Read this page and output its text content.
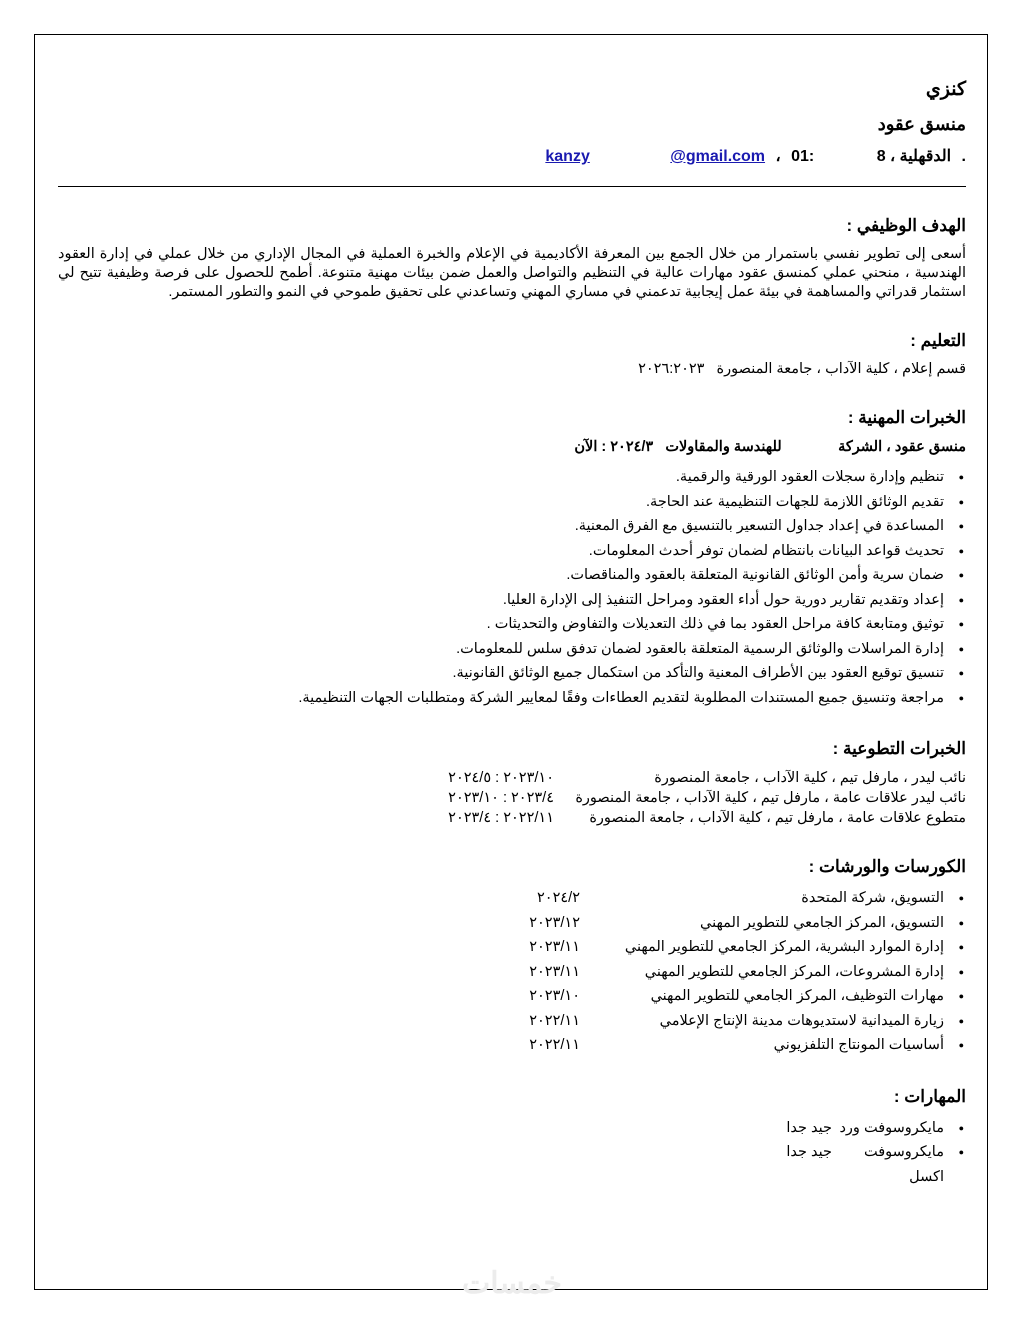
كنزي
منسق عقود
. الدقهلية ، 8 01: ، @gmail.com kanzy
الهدف الوظيفي :
أسعى إلى تطوير نفسي باستمرار من خلال الجمع بين المعرفة الأكاديمية في الإعلام والخبرة العملية في المجال الإداري من خلال عملي في إدارة العقود الهندسية ، منحني عملي كمنسق عقود مهارات عالية في التنظيم والتواصل والعمل ضمن بيئات مهنية متنوعة. أطمح للحصول على فرصة وظيفية تتيح لي استثمار قدراتي والمساهمة في بيئة عمل إيجابية تدعمني في مساري المهني وتساعدني على تحقيق طموحي في النمو والتطور المستمر.
التعليم :
قسم إعلام ، كلية الآداب ، جامعة المنصورة   ٢٠٢٦:٢٠٢٣
الخبرات المهنية :
منسق عقود ، الشركة              للهندسة والمقاولات   ٢٠٢٤/٣ : الآن
● تنظيم وإدارة سجلات العقود الورقية والرقمية.
● تقديم الوثائق اللازمة للجهات التنظيمية عند الحاجة.
● المساعدة في إعداد جداول التسعير بالتنسيق مع الفرق المعنية.
● تحديث قواعد البيانات بانتظام لضمان توفر أحدث المعلومات.
● ضمان سرية وأمن الوثائق القانونية المتعلقة بالعقود والمناقصات.
● إعداد وتقديم تقارير دورية حول أداء العقود ومراحل التنفيذ إلى الإدارة العليا.
● توثيق ومتابعة كافة مراحل العقود بما في ذلك التعديلات والتفاوض والتحديثات .
● إدارة المراسلات والوثائق الرسمية المتعلقة بالعقود لضمان تدفق سلس للمعلومات.
● تنسيق توقيع العقود بين الأطراف المعنية والتأكد من استكمال جميع الوثائق القانونية.
● مراجعة وتنسيق جميع المستندات المطلوبة لتقديم العطاءات وفقًا لمعايير الشركة ومتطلبات الجهات التنظيمية.
الخبرات التطوعية :
نائب ليدر ، مارفل تيم ، كلية الآداب ، جامعة المنصورة
٢٠٢٣/١٠ : ٢٠٢٤/٥
نائب ليدر علاقات عامة ، مارفل تيم ، كلية الآداب ، جامعة المنصورة
٢٠٢٣/٤ : ٢٠٢٣/١٠
متطوع علاقات عامة ، مارفل تيم ، كلية الآداب ، جامعة المنصورة
٢٠٢٢/١١ : ٢٠٢٣/٤
الكورسات والورشات :
● التسويق، شركة المتحدة
٢٠٢٤/٢
● التسويق، المركز الجامعي للتطوير المهني
٢٠٢٣/١٢
● إدارة الموارد البشرية، المركز الجامعي للتطوير المهني
٢٠٢٣/١١
● إدارة المشروعات، المركز الجامعي للتطوير المهني
٢٠٢٣/١١
● مهارات التوظيف، المركز الجامعي للتطوير المهني
٢٠٢٣/١٠
● زيارة الميدانية لاستديوهات مدينة الإنتاج الإعلامي
٢٠٢٢/١١
● أساسيات المونتاج التلفزيوني
٢٠٢٢/١١
المهارات :
● مايكروسوفت ورد
جيد جدا
● مايكروسوفت اكسل
جيد جدا
خمسات
